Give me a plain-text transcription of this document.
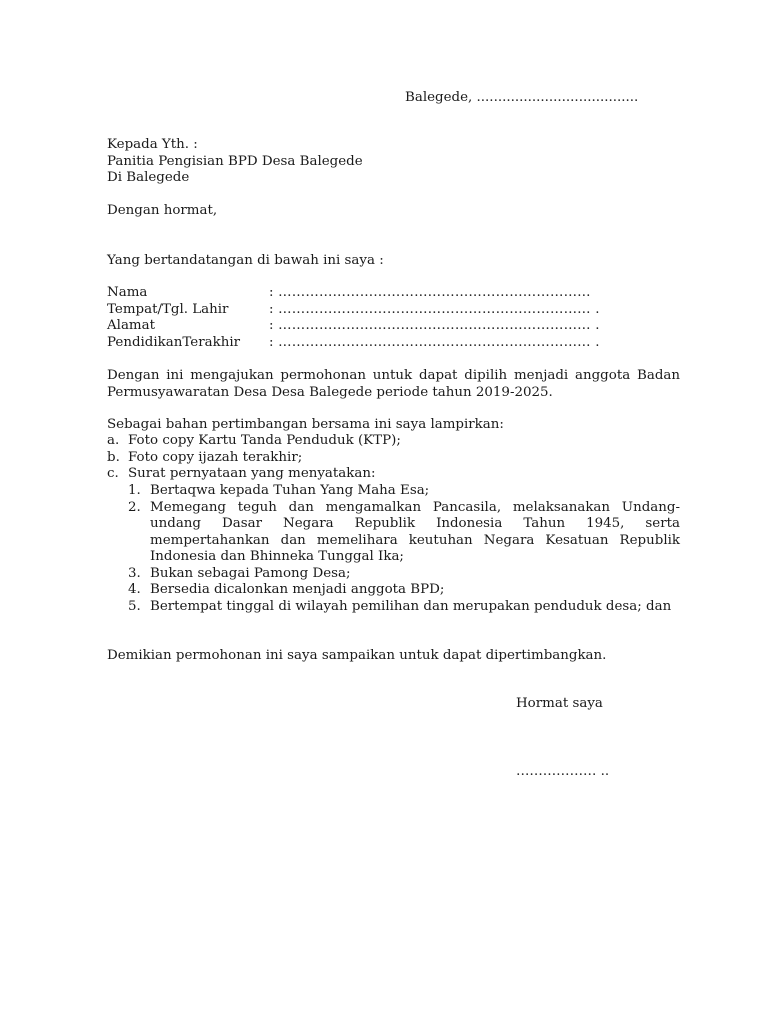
Balegede, ......................................
Kepada Yth. :
Panitia Pengisian BPD Desa Balegede
Di Balegede
Dengan hormat,
Yang bertandatangan di bawah ini saya :
Nama	: ……………………………………………………………
Tempat/Tgl. Lahir	: …………………………………………………………… .
Alamat	: …………………………………………………………… .
PendidikanTerakhir	: …………………………………………………………… .
Dengan ini mengajukan permohonan untuk dapat dipilih menjadi anggota Badan Permusyawaratan Desa Desa Balegede periode tahun 2019-2025.
Sebagai bahan pertimbangan bersama ini saya lampirkan:
a. Foto copy Kartu Tanda Penduduk (KTP);
b. Foto copy ijazah terakhir;
c. Surat pernyataan yang menyatakan:
1. Bertaqwa kepada Tuhan Yang Maha Esa;
2. Memegang teguh dan mengamalkan Pancasila, melaksanakan Undang-undang Dasar Negara Republik Indonesia Tahun 1945, serta mempertahankan dan memelihara keutuhan Negara Kesatuan Republik Indonesia dan Bhinneka Tunggal Ika;
3. Bukan sebagai Pamong Desa;
4. Bersedia dicalonkan menjadi anggota BPD;
5. Bertempat tinggal di wilayah pemilihan dan merupakan penduduk desa; dan
Demikian permohonan ini saya sampaikan untuk dapat dipertimbangkan.
Hormat saya
……………… ..
